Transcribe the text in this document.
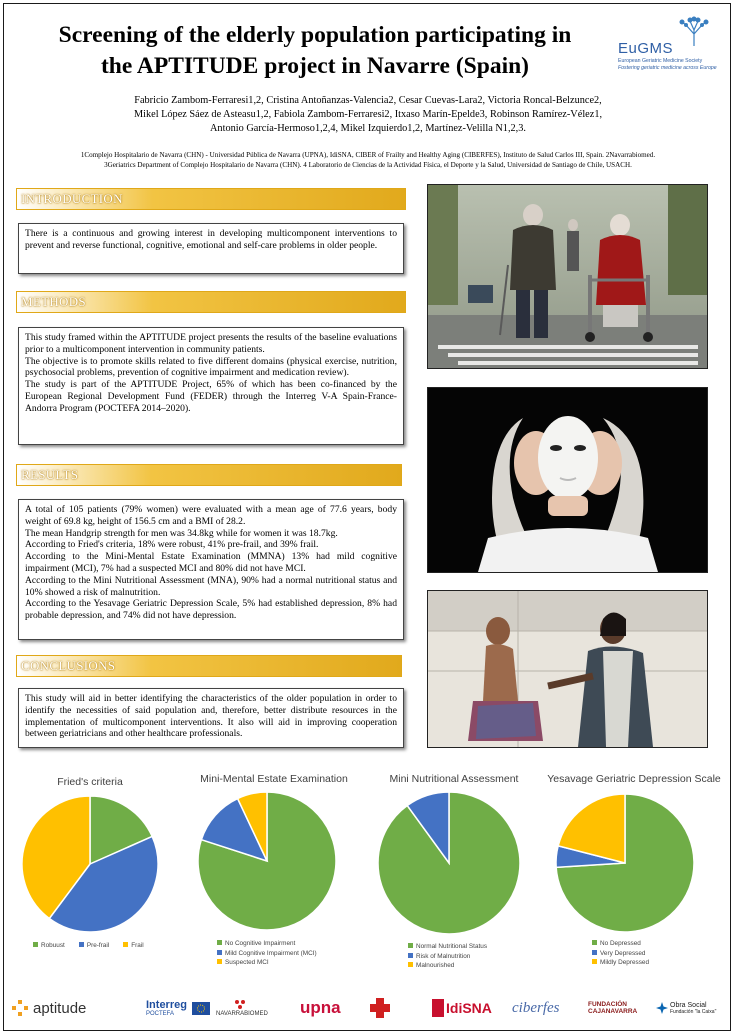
Screening of the elderly population participating in
the APTITUDE project in Navarre (Spain)
EuGMS
European Geriatric Medicine Society
Fostering geriatric medicine across Europe
Fabricio Zambom-Ferraresi1,2, Cristina Antoñanzas-Valencia2, Cesar Cuevas-Lara2, Victoria Roncal-Belzunce2,
Mikel López Sáez de Asteasu1,2, Fabiola Zambom-Ferraresi2, Itxaso Marín-Epelde3, Robinson Ramírez-Vélez1,
Antonio García-Hermoso1,2,4, Mikel Izquierdo1,2, Martínez-Velilla N1,2,3.
1Complejo Hospitalario de Navarra (CHN) - Universidad Pública de Navarra (UPNA), IdiSNA, CIBER of Frailty and Healthy Aging (CIBERFES), Instituto de Salud Carlos III, Spain. 2Navarrabiomed.
3Geriatrics Department of Complejo Hospitalario de Navarra (CHN). 4 Laboratorio de Ciencias de la Actividad Física, el Deporte y la Salud, Universidad de Santiago de Chile, USACH.
INTRODUCTION

There is a continuous and growing interest in developing multicomponent interventions to prevent and reverse functional, cognitive, emotional and self-care problems in older people.

METHODS

This study framed within the APTITUDE project presents the results of the baseline evaluations prior to a multicomponent intervention in community patients.

The objective is to promote skills related to five different domains (physical exercise, nutrition, psychosocial problems, prevention of cognitive impairment and medication review).

The study is part of the APTITUDE Project, 65% of which has been co-financed by the European Regional Development Fund (FEDER) through the Interreg V-A Spain-France-Andorra Program (POCTEFA 2014–2020).

RESULTS

A total of 105 patients (79% women) were evaluated with a mean age of 77.6 years, body weight of 69.8 kg, height of 156.5 cm and a BMI of 28.2.

The mean Handgrip strength for men was 34.8kg while for women it was 18.7kg.

According to Fried's criteria, 18% were robust, 41% pre-frail, and 39% frail.

According to the Mini-Mental Estate Examination (MMNA) 13% had mild cognitive impairment (MCI), 7% had a suspected MCI and 80% did not have MCI.

According to the Mini Nutritional Assessment (MNA), 90% had a normal nutritional status and 10% showed a risk of malnutrition.

According to the Yesavage Geriatric Depression Scale, 5% had established depression, 8% had probable depression, and 74% did not have depression.

CONCLUSIONS

This study will aid in better identifying the characteristics of the older population in order to identify the necessities of said population and, therefore, better distribute resources in the implementation of multicomponent interventions. It also will aid in improving cooperation between geriatricians and other healthcare professionals.

Fried's criteria	Mini-Mental Estate Examination	Mini Nutritional Assessment	Yesavage Geriatric Depression Scale
Robuust	Pre-frail	Frail	No Cognitive Impairment
Mild Cognitive Impairment (MCI)
Suspected MCI
Normal Nutritional Status
Risk of Malnutrition
Malnourished
No Depressed
Very Depressed
Mildly Depressed
aptitude	Interreg
POCTEFA	NAVARRABIOMED upna	IdiSNA ciberfes	FUNDACIÓN
CAJANAVARRA
Obra Social
Fundación "la Caixa"
